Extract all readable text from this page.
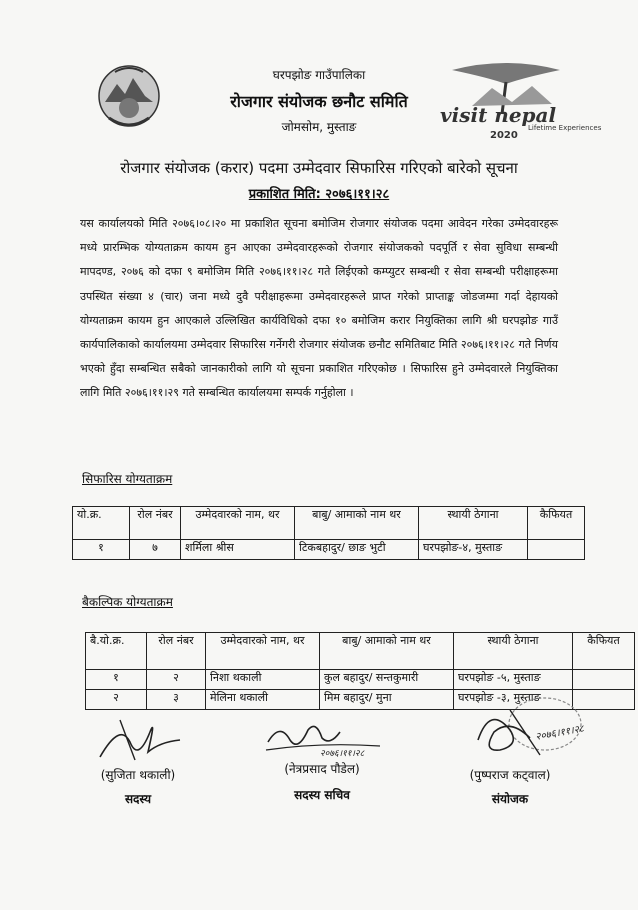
घरपझोङ गाउँपालिका
रोजगार संयोजक छनौट समिति
जोमसोम, मुस्ताङ	visit nepal
Lifetime Experiences
2020
रोजगार संयोजक (करार) पदमा उम्मेदवार सिफारिस गरिएको बारेको सूचना
प्रकाशित मिति: २०७६।११।२८

यस कार्यालयको मिति २०७६।०८।२० मा प्रकाशित सूचना बमोजिम रोजगार संयोजक पदमा आवेदन गरेका उम्मेदवारहरू मध्ये प्रारम्भिक योग्यताक्रम कायम हुन आएका उम्मेदवारहरूको रोजगार संयोजकको पदपूर्ति र सेवा सुविधा सम्बन्धी मापदण्ड, २०७६ को दफा ९ बमोजिम मिति २०७६।११।२८ गते लिईएको कम्प्युटर सम्बन्धी र सेवा सम्बन्धी परीक्षाहरूमा उपस्थित संख्या ४ (चार) जना मध्ये दुवै परीक्षाहरूमा उम्मेदवारहरूले प्राप्त गरेको प्राप्ताङ्क जोडजम्मा गर्दा देहायको योग्यताक्रम कायम हुन आएकाले उल्लिखित कार्यविधिको दफा १० बमोजिम करार नियुक्तिका लागि श्री घरपझोङ गाउँ कार्यपालिकाको कार्यालयमा उम्मेदवार सिफारिस गर्नेगरी रोजगार संयोजक छनौट समितिबाट मिति २०७६।११।२८ गते निर्णय भएको हुँदा सम्बन्धित सबैको जानकारीको लागि यो सूचना प्रकाशित गरिएकोछ । सिफारिस हुने उम्मेदवारले नियुक्तिका लागि मिति २०७६।११।२९ गते सम्बन्धित कार्यालयमा सम्पर्क गर्नुहोला ।

सिफारिस योग्यताक्रम
यो.क्र.	रोल नंबर	उम्मेदवारको नाम, थर	बाबु/ आमाको नाम थर	स्थायी ठेगाना	कैफियत
१	७	शर्मिला श्रीस	टिकबहादुर/ छाङ भुटी	घरपझोङ-४, मुस्ताङ	
बैकल्पिक योग्यताक्रम
बै.यो.क्र.	रोल नंबर	उम्मेदवारको नाम, थर	बाबु/ आमाको नाम थर	स्थायी ठेगाना	कैफियत
१	२	निशा थकाली	कुल बहादुर/ सन्तकुमारी	घरपझोङ -५, मुस्ताङ	
२	३	मेलिना थकाली	मिम बहादुर/ मुना	घरपझोङ -३, मुस्ताङ	
२०७६।११।२८
२०७६।११।२८
(सुजिता थकाली)
सदस्य
(नेत्रप्रसाद पौडेल)
सदस्य सचिव
(पुष्पराज कट्वाल)
संयोजक
